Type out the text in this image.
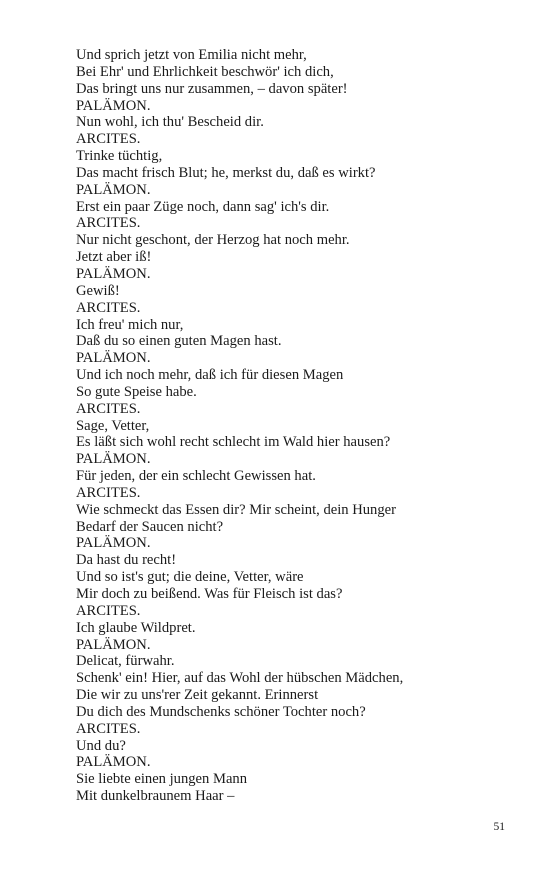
Und sprich jetzt von Emilia nicht mehr,
Bei Ehr' und Ehrlichkeit beschwör' ich dich,
Das bringt uns nur zusammen, – davon später!
PALÄMON.
Nun wohl, ich thu' Bescheid dir.
ARCITES.
Trinke tüchtig,
Das macht frisch Blut; he, merkst du, daß es wirkt?
PALÄMON.
Erst ein paar Züge noch, dann sag' ich's dir.
ARCITES.
Nur nicht geschont, der Herzog hat noch mehr.
Jetzt aber iß!
PALÄMON.
Gewiß!
ARCITES.
Ich freu' mich nur,
Daß du so einen guten Magen hast.
PALÄMON.
Und ich noch mehr, daß ich für diesen Magen
So gute Speise habe.
ARCITES.
Sage, Vetter,
Es läßt sich wohl recht schlecht im Wald hier hausen?
PALÄMON.
Für jeden, der ein schlecht Gewissen hat.
ARCITES.
Wie schmeckt das Essen dir? Mir scheint, dein Hunger
Bedarf der Saucen nicht?
PALÄMON.
Da hast du recht!
Und so ist's gut; die deine, Vetter, wäre
Mir doch zu beißend. Was für Fleisch ist das?
ARCITES.
Ich glaube Wildpret.
PALÄMON.
Delicat, fürwahr.
Schenk' ein! Hier, auf das Wohl der hübschen Mädchen,
Die wir zu uns'rer Zeit gekannt. Erinnerst
Du dich des Mundschenks schöner Tochter noch?
ARCITES.
Und du?
PALÄMON.
Sie liebte einen jungen Mann
Mit dunkelbraunem Haar –
51
